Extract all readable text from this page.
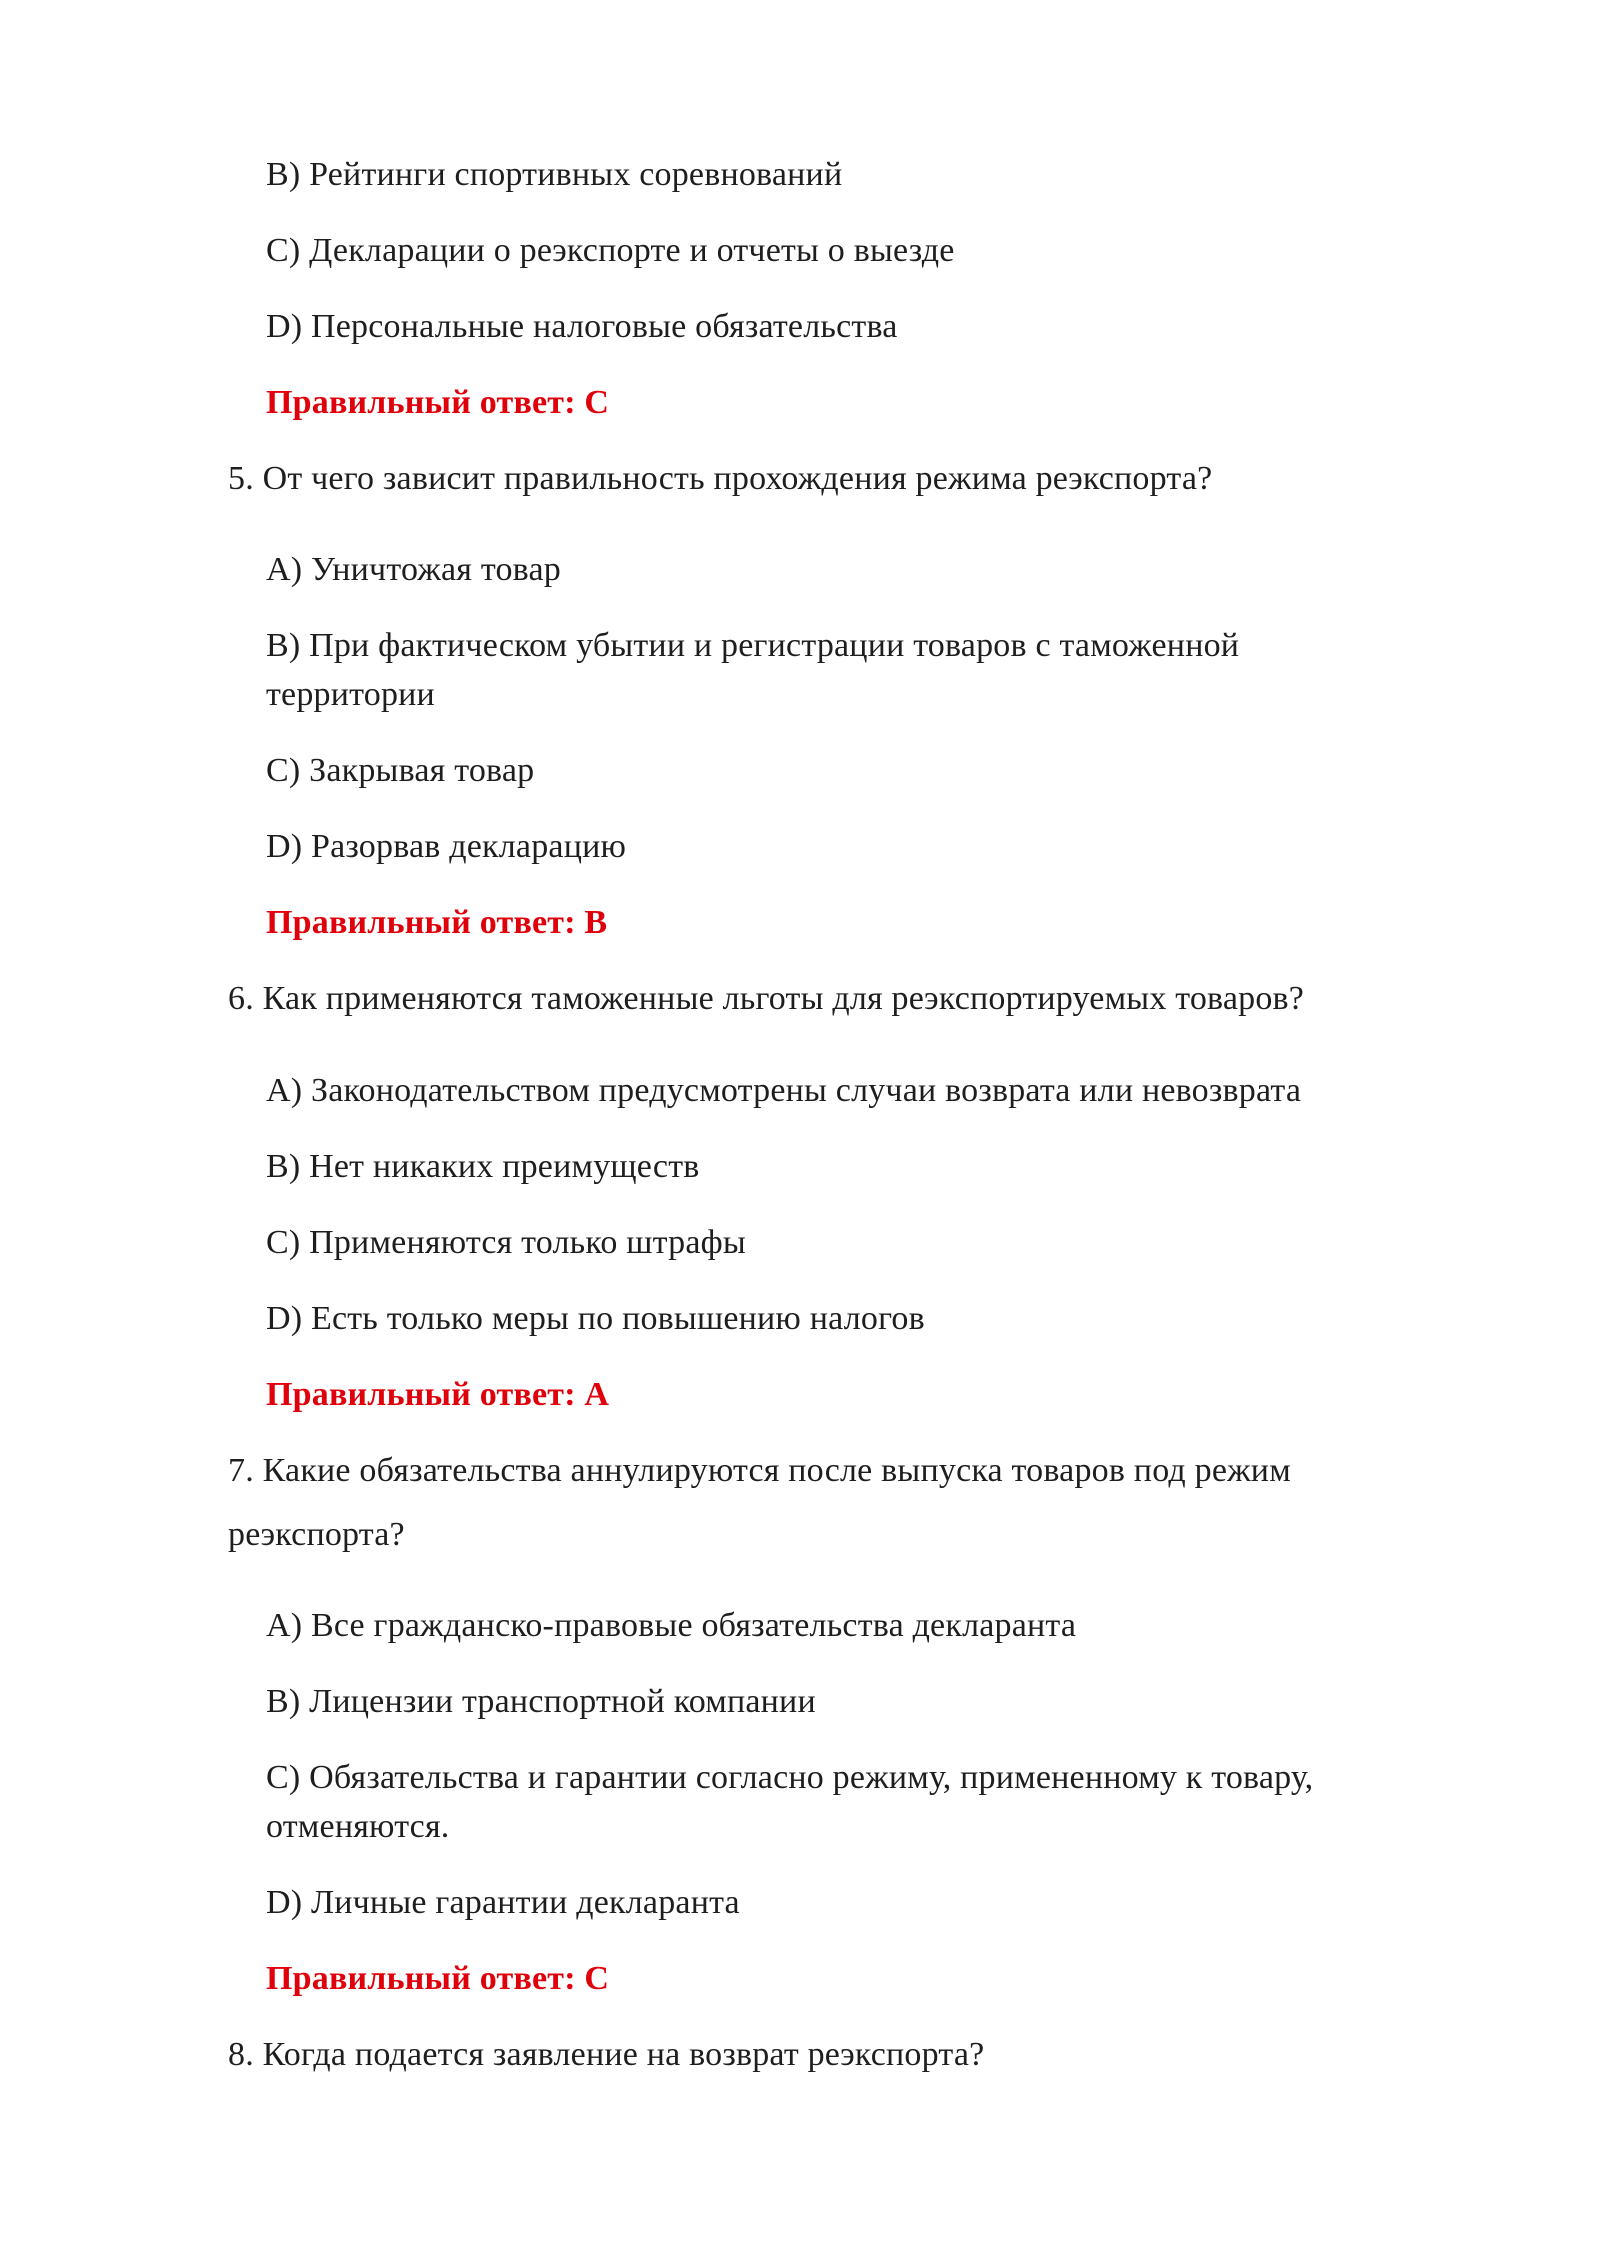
B) Рейтинги спортивных соревнований

C) Декларации о реэкспорте и отчеты о выезде

D) Персональные налоговые обязательства

Правильный ответ: C

5. От чего зависит правильность прохождения режима реэкспорта?

A) Уничтожая товар

B) При фактическом убытии и регистрации товаров с таможенной

территории

C) Закрывая товар

D) Разорвав декларацию

Правильный ответ: B

6. Как применяются таможенные льготы для реэкспортируемых товаров?

A) Законодательством предусмотрены случаи возврата или невозврата

B) Нет никаких преимуществ

C) Применяются только штрафы

D) Есть только меры по повышению налогов

Правильный ответ: A

7. Какие обязательства аннулируются после выпуска товаров под режим

реэкспорта?

A) Все гражданско-правовые обязательства декларанта

B) Лицензии транспортной компании

C) Обязательства и гарантии согласно режиму, примененному к товару,

отменяются.

D) Личные гарантии декларанта

Правильный ответ: C

8. Когда подается заявление на возврат реэкспорта?
